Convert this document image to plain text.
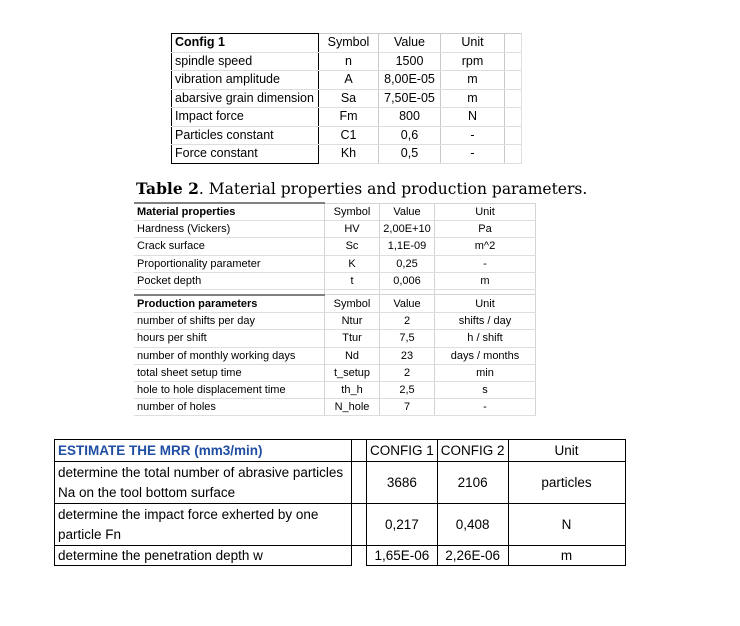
Config 1	Symbol	Value	Unit	
spindle speed	n	1500	rpm	
vibration amplitude	A	8,00E-05	m	
abarsive grain dimension	Sa	7,50E-05	m	
Impact force	Fm	800	N	
Particles constant	C1	0,6	-	
Force constant	Kh	0,5	-	
Table 2. Material properties and production parameters.
Material properties	Symbol	Value	Unit
Hardness (Vickers)	HV	2,00E+10	Pa
Crack surface	Sc	1,1E-09	m^2
Proportionality parameter	K	0,25	-
Pocket depth	t	0,006	m

Production parameters	Symbol	Value	Unit
number of shifts per day	Ntur	2	shifts / day
hours per shift	Ttur	7,5	h / shift
number of monthly working days	Nd	23	days / months
total sheet setup time	t_setup	2	min
hole to hole displacement time	th_h	2,5	s
number of holes	N_hole	7	-
ESTIMATE THE MRR (mm3/min)		CONFIG 1	CONFIG 2	Unit
determine the total number of abrasive particles Na on the tool bottom surface		3686	2106	particles
determine the impact force exherted by one particle Fn		0,217	0,408	N
determine the penetration depth w		1,65E-06	2,26E-06	m
